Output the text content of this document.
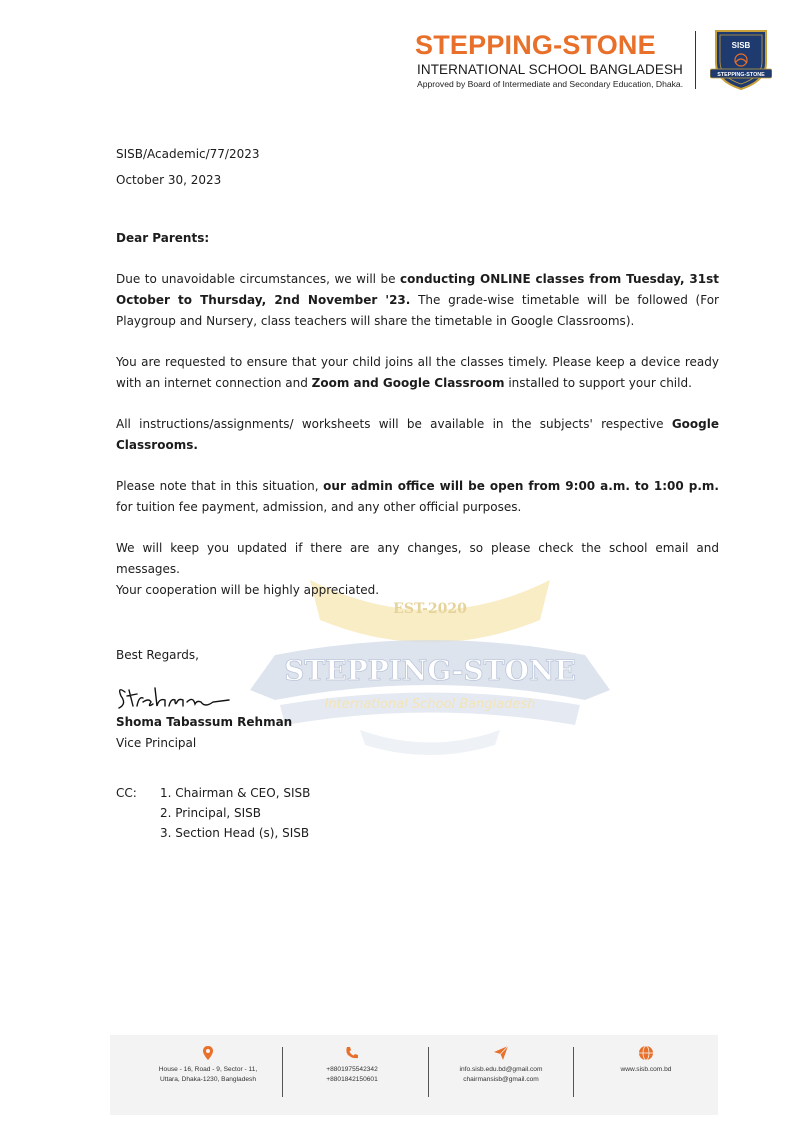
STEPPING-STONE
INTERNATIONAL SCHOOL BANGLADESH
Approved by Board of Intermediate and Secondary Education, Dhaka.
SISB
STEPPING-STONE
EST-2020
STEPPING-STONE
International School Bangladesh
SISB/Academic/77/2023
October 30, 2023
Dear Parents:
Due to unavoidable circumstances, we will be conducting ONLINE classes from Tuesday, 31st October to Thursday, 2nd November '23. The grade-wise timetable will be followed (For Playgroup and Nursery, class teachers will share the timetable in Google Classrooms).
You are requested to ensure that your child joins all the classes timely. Please keep a device ready with an internet connection and Zoom and Google Classroom installed to support your child.
All instructions/assignments/ worksheets will be available in the subjects' respective Google Classrooms.
Please note that in this situation, our admin office will be open from 9:00 a.m. to 1:00 p.m. for tuition fee payment, admission, and any other official purposes.
We will keep you updated if there are any changes, so please check the school email and messages.
Your cooperation will be highly appreciated.
Best Regards,
Shoma Tabassum Rehman
Vice Principal
CC: 1. Chairman & CEO, SISB
2. Principal, SISB
3. Section Head (s), SISB
House - 16, Road - 9, Sector - 11,
Uttara, Dhaka-1230, Bangladesh
+8801975542342
+8801842150601
info.sisb.edu.bd@gmail.com
chairmansisb@gmail.com
www.sisb.com.bd
